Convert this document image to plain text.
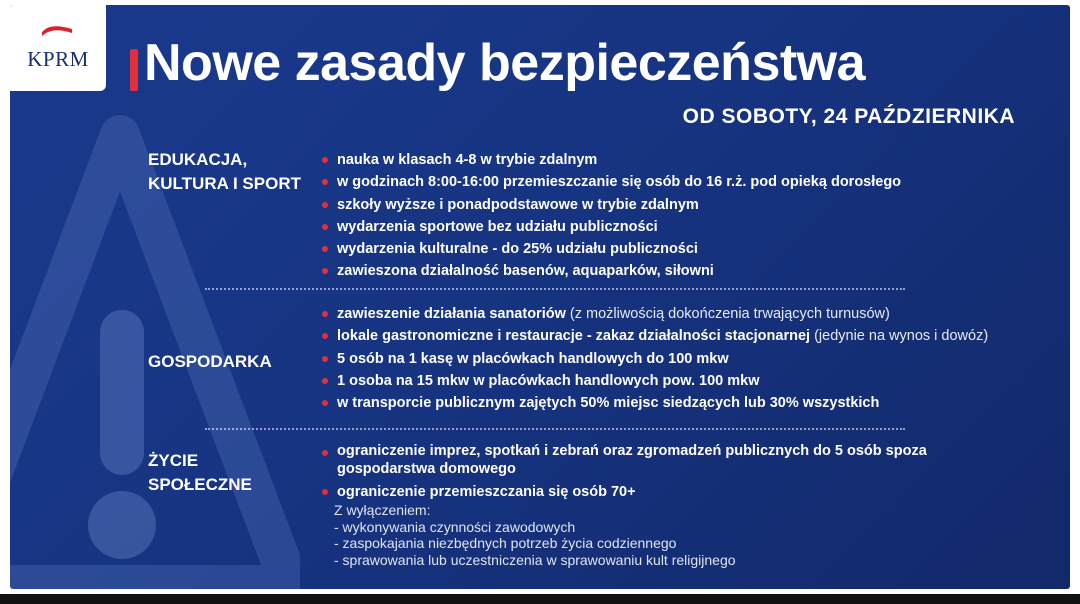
KPRM	Nowe zasady bezpieczeństwa
OD SOBOTY, 24 PAŹDZIERNIKA
EDUKACJA,
KULTURA I SPORT
nauka w klasach 4-8 w trybie zdalnym
w godzinach 8:00-16:00 przemieszczanie się osób do 16 r.ż. pod opieką dorosłego
szkoły wyższe i ponadpodstawowe w trybie zdalnym
wydarzenia sportowe bez udziału publiczności
wydarzenia kulturalne - do 25% udziału publiczności
zawieszona działalność basenów, aquaparków, siłowni
GOSPODARKA
zawieszenie działania sanatoriów (z możliwością dokończenia trwających turnusów)
lokale gastronomiczne i restauracje - zakaz działalności stacjonarnej (jedynie na wynos i dowóz)
5 osób na 1 kasę w placówkach handlowych do 100 mkw
1 osoba na 15 mkw w placówkach handlowych pow. 100 mkw
w transporcie publicznym zajętych 50% miejsc siedzących lub 30% wszystkich
ŻYCIE
SPOŁECZNE
ograniczenie imprez, spotkań i zebrań oraz zgromadzeń publicznych do 5 osób spoza gospodarstwa domowego
ograniczenie przemieszczania się osób 70+
Z wyłączeniem:
- wykonywania czynności zawodowych
- zaspokajania niezbędnych potrzeb życia codziennego
- sprawowania lub uczestniczenia w sprawowaniu kult religijnego
